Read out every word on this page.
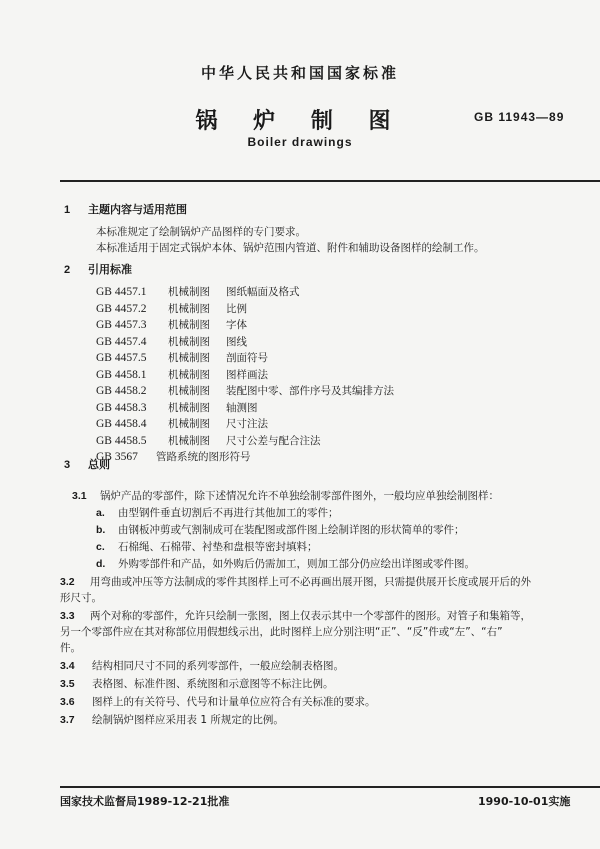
中华人民共和国国家标准
锅 炉 制 图	GB 11943—89
Boiler drawings
1 主题内容与适用范围
本标准规定了绘制锅炉产品图样的专门要求。
本标准适用于固定式锅炉本体、锅炉范围内管道、附件和辅助设备图样的绘制工作。
2 引用标准
GB 4457.1 机械制图 图纸幅面及格式
GB 4457.2 机械制图 比例
GB 4457.3 机械制图 字体
GB 4457.4 机械制图 图线
GB 4457.5 机械制图 剖面符号
GB 4458.1 机械制图 图样画法
GB 4458.2 机械制图 装配图中零、部件序号及其编排方法
GB 4458.3 机械制图 轴测图
GB 4458.4 机械制图 尺寸注法
GB 4458.5 机械制图 尺寸公差与配合注法
GB 3567 管路系统的图形符号
3 总则
3.1 锅炉产品的零部件，除下述情况允许不单独绘制零部件图外，一般均应单独绘制图样：
a. 由型钢件垂直切割后不再进行其他加工的零件；
b. 由钢板冲剪或气割制成可在装配图或部件图上绘制详图的形状简单的零件；
c. 石棉绳、石棉带、衬垫和盘根等密封填料；
d. 外购零部件和产品，如外购后仍需加工，则加工部分仍应绘出详图或零件图。
3.2 用弯曲或冲压等方法制成的零件其图样上可不必再画出展开图，只需提供展开长度或展开后的外
形尺寸。
3.3 两个对称的零部件，允许只绘制一张图，图上仅表示其中一个零部件的图形。对管子和集箱等，
另一个零部件应在其对称部位用假想线示出，此时图样上应分别注明“正”、“反”件或“左”、“右”
件。
3.4 结构相同尺寸不同的系列零部件，一般应绘制表格图。
3.5 表格图、标准件图、系统图和示意图等不标注比例。
3.6 图样上的有关符号、代号和计量单位应符合有关标准的要求。
3.7 绘制锅炉图样应采用表 1 所规定的比例。
国家技术监督局1989-12-21批准	1990-10-01实施
